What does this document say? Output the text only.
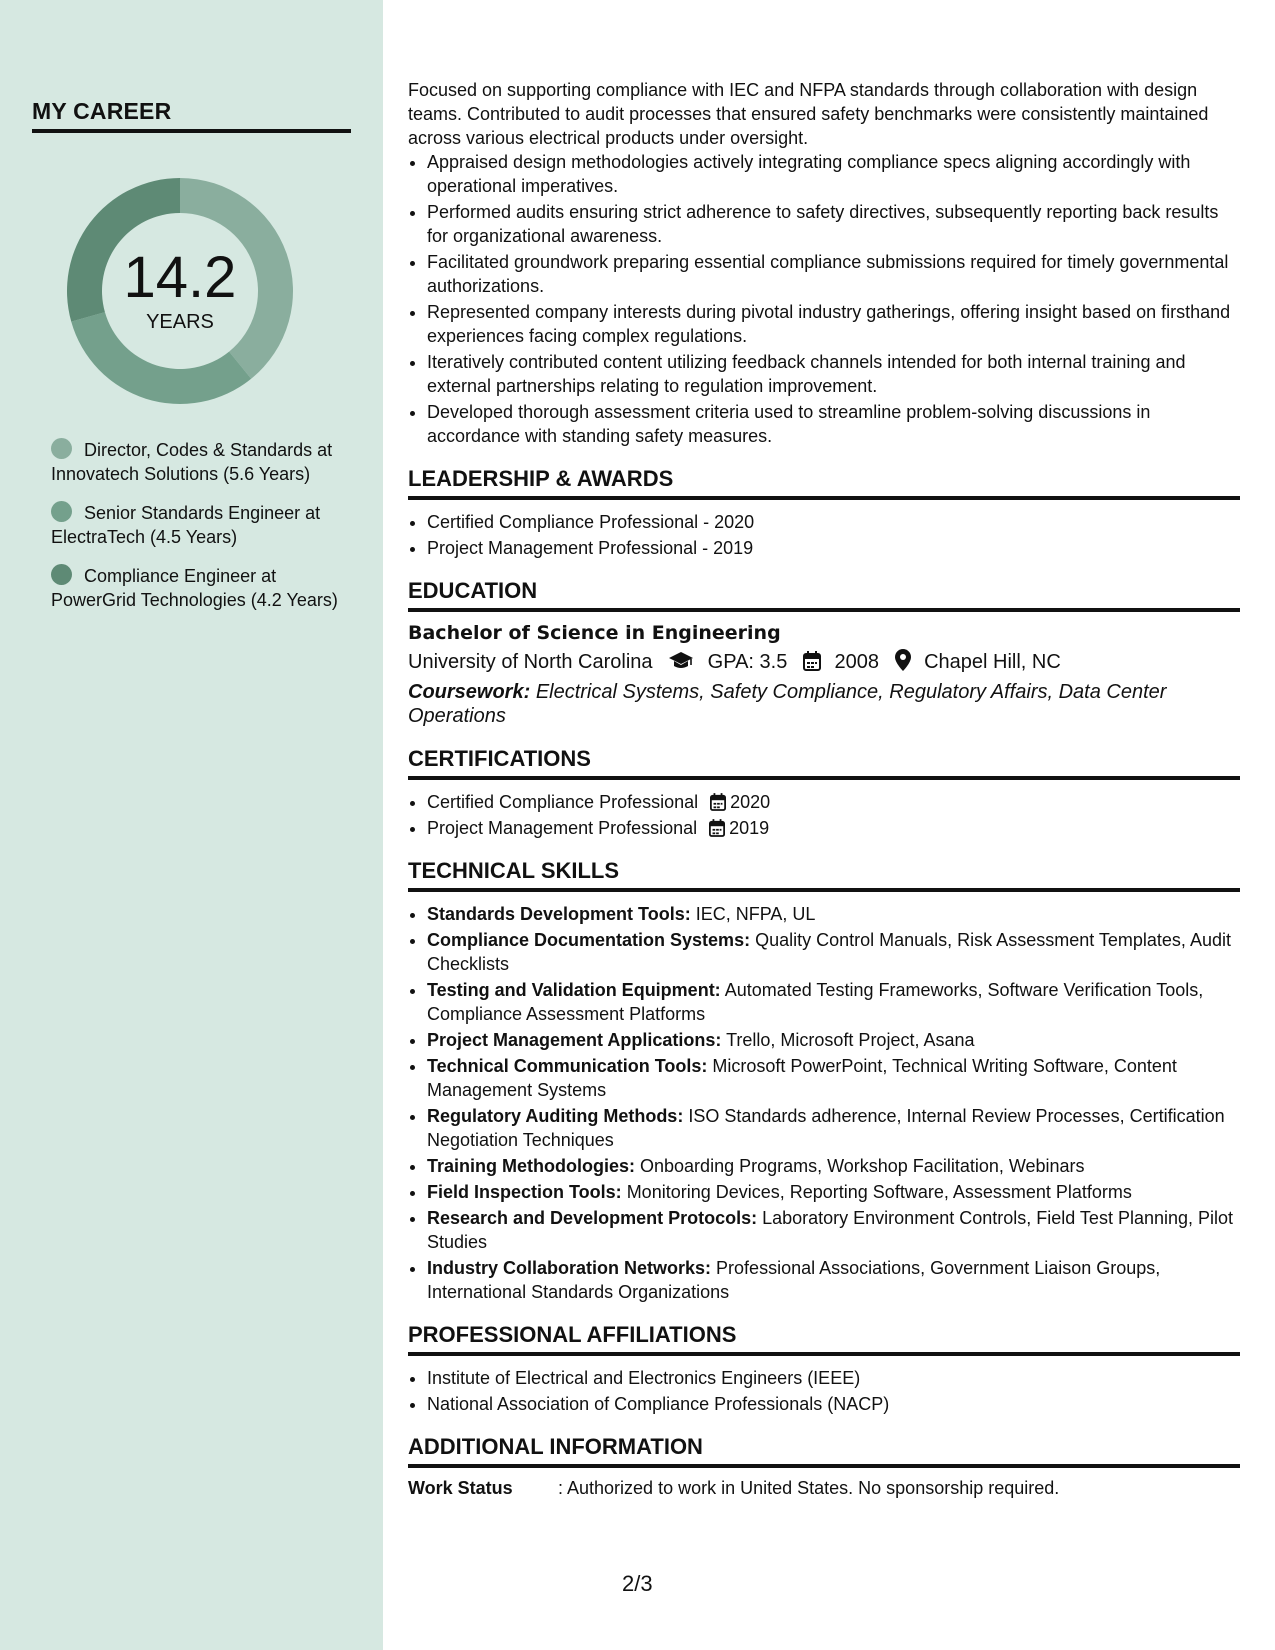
MY CAREER
14.2
YEARS
Director, Codes & Standards at Innovatech Solutions (5.6 Years)
Senior Standards Engineer at ElectraTech (4.5 Years)
Compliance Engineer at PowerGrid Technologies (4.2 Years)

Focused on supporting compliance with IEC and NFPA standards through collaboration with design teams. Contributed to audit processes that ensured safety benchmarks were consistently maintained across various electrical products under oversight.

• Appraised design methodologies actively integrating compliance specs aligning accordingly with operational imperatives.
• Performed audits ensuring strict adherence to safety directives, subsequently reporting back results for organizational awareness.
• Facilitated groundwork preparing essential compliance submissions required for timely governmental authorizations.
• Represented company interests during pivotal industry gatherings, offering insight based on firsthand experiences facing complex regulations.
• Iteratively contributed content utilizing feedback channels intended for both internal training and external partnerships relating to regulation improvement.
• Developed thorough assessment criteria used to streamline problem-solving discussions in accordance with standing safety measures.
LEADERSHIP & AWARDS
• Certified Compliance Professional - 2020
• Project Management Professional - 2019
EDUCATION
Bachelor of Science in Engineering
University of North Carolina	GPA: 3.5 2008 Chapel Hill, NC
Coursework: Electrical Systems, Safety Compliance, Regulatory Affairs, Data Center Operations
CERTIFICATIONS
• Certified Compliance Professional 2020
• Project Management Professional 2019
TECHNICAL SKILLS
• Standards Development Tools: IEC, NFPA, UL
• Compliance Documentation Systems: Quality Control Manuals, Risk Assessment Templates, Audit Checklists
• Testing and Validation Equipment: Automated Testing Frameworks, Software Verification Tools, Compliance Assessment Platforms
• Project Management Applications: Trello, Microsoft Project, Asana
• Technical Communication Tools: Microsoft PowerPoint, Technical Writing Software, Content Management Systems
• Regulatory Auditing Methods: ISO Standards adherence, Internal Review Processes, Certification Negotiation Techniques
• Training Methodologies: Onboarding Programs, Workshop Facilitation, Webinars
• Field Inspection Tools: Monitoring Devices, Reporting Software, Assessment Platforms
• Research and Development Protocols: Laboratory Environment Controls, Field Test Planning, Pilot Studies
• Industry Collaboration Networks: Professional Associations, Government Liaison Groups, International Standards Organizations
PROFESSIONAL AFFILIATIONS
• Institute of Electrical and Electronics Engineers (IEEE)
• National Association of Compliance Professionals (NACP)
ADDITIONAL INFORMATION
Work Status	: Authorized to work in United States. No sponsorship required.
2/3
